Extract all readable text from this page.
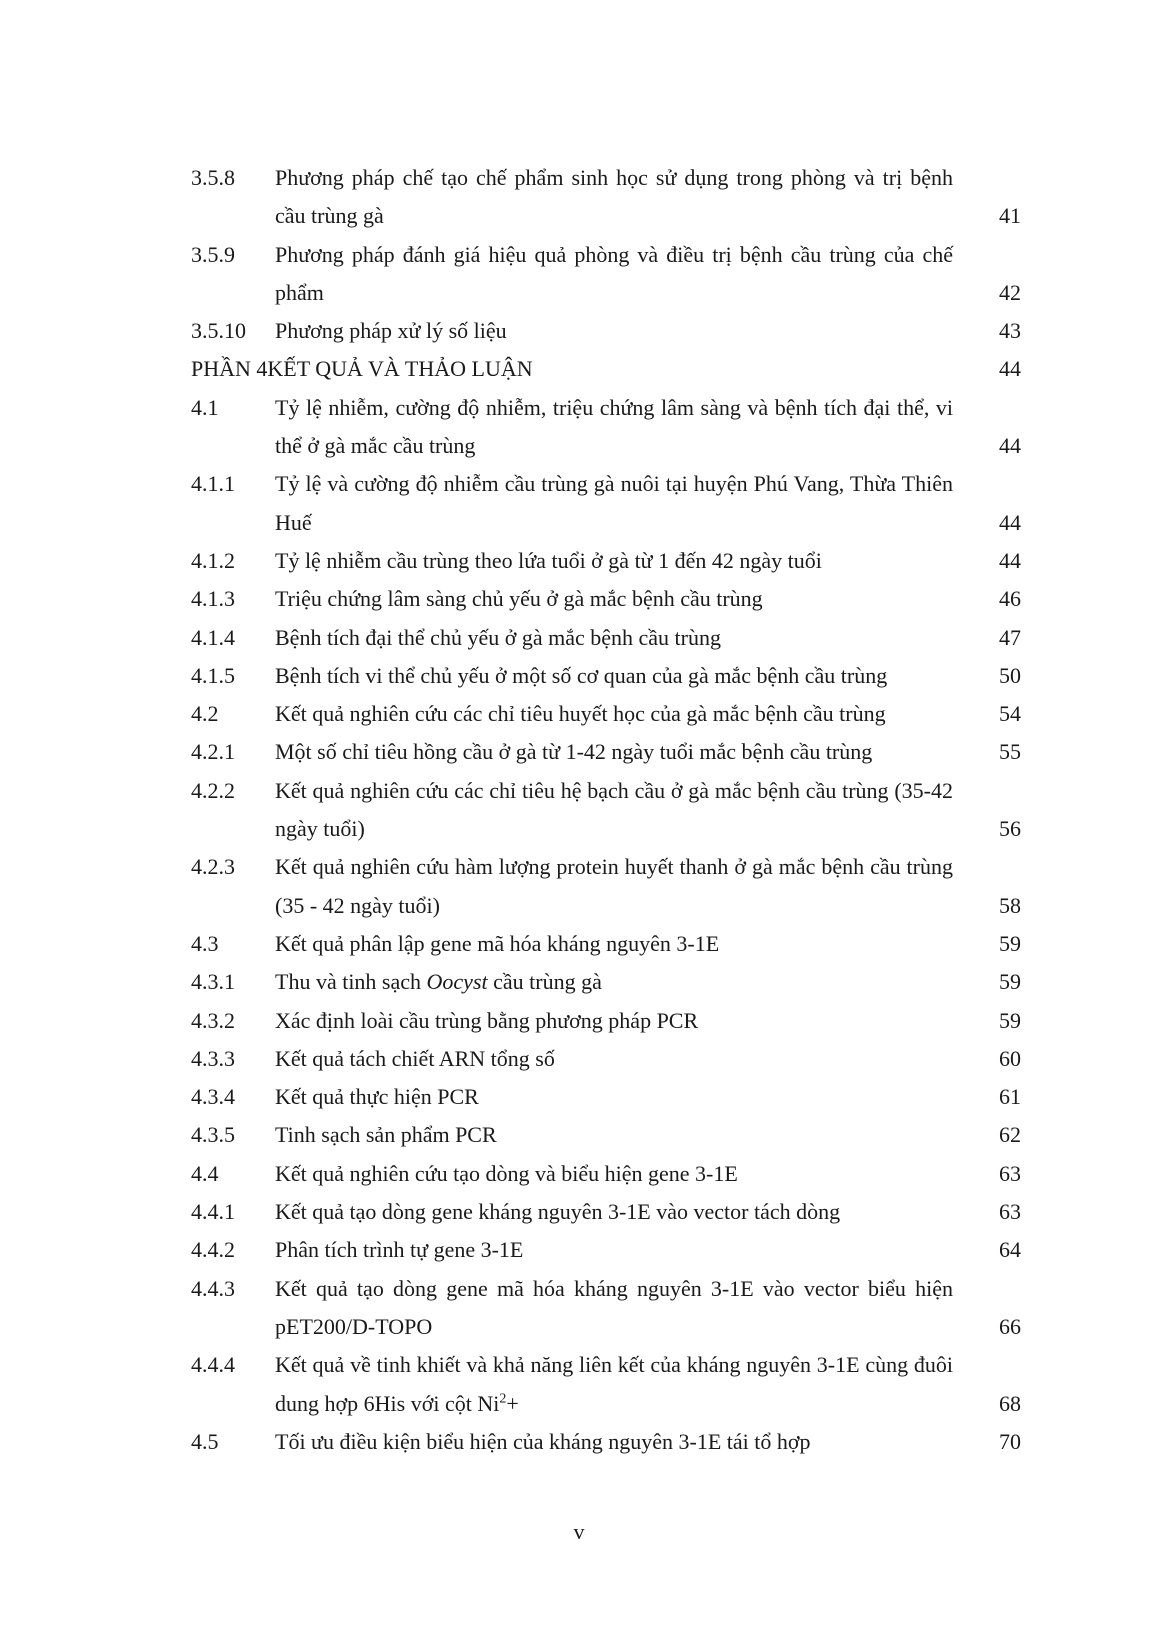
3.5.8	Phương pháp chế tạo chế phẩm sinh học sử dụng trong phòng và trị bệnh cầu trùng gà	41
3.5.9	Phương pháp đánh giá hiệu quả phòng và điều trị bệnh cầu trùng của chế phẩm	42
3.5.10	Phương pháp xử lý số liệu	43
PHẦN 4 KẾT QUẢ VÀ THẢO LUẬN	44
4.1	Tỷ lệ nhiễm, cường độ nhiễm, triệu chứng lâm sàng và bệnh tích đại thể, vi thể ở gà mắc cầu trùng	44
4.1.1	Tỷ lệ và cường độ nhiễm cầu trùng gà nuôi tại huyện Phú Vang, Thừa Thiên Huế	44
4.1.2	Tỷ lệ nhiễm cầu trùng theo lứa tuổi ở gà từ 1 đến 42 ngày tuổi	44
4.1.3	Triệu chứng lâm sàng chủ yếu ở gà mắc bệnh cầu trùng	46
4.1.4	Bệnh tích đại thể chủ yếu ở gà mắc bệnh cầu trùng	47
4.1.5	Bệnh tích vi thể chủ yếu ở một số cơ quan của gà mắc bệnh cầu trùng	50
4.2	Kết quả nghiên cứu các chỉ tiêu huyết học của gà mắc bệnh cầu trùng	54
4.2.1	Một số chỉ tiêu hồng cầu ở gà từ 1-42 ngày tuổi mắc bệnh cầu trùng	55
4.2.2	Kết quả nghiên cứu các chỉ tiêu hệ bạch cầu ở gà mắc bệnh cầu trùng (35-42 ngày tuổi)	56
4.2.3	Kết quả nghiên cứu hàm lượng protein huyết thanh ở gà mắc bệnh cầu trùng (35 - 42 ngày tuổi)	58
4.3	Kết quả phân lập gene mã hóa kháng nguyên 3-1E	59
4.3.1	Thu và tinh sạch Oocyst cầu trùng gà	59
4.3.2	Xác định loài cầu trùng bằng phương pháp PCR	59
4.3.3	Kết quả tách chiết ARN tổng số	60
4.3.4	Kết quả thực hiện PCR	61
4.3.5	Tinh sạch sản phẩm PCR	62
4.4	Kết quả nghiên cứu tạo dòng và biểu hiện gene 3-1E	63
4.4.1	Kết quả tạo dòng gene kháng nguyên 3-1E vào vector tách dòng	63
4.4.2	Phân tích trình tự gene 3-1E	64
4.4.3	Kết quả tạo dòng gene mã hóa kháng nguyên 3-1E vào vector biểu hiện pET200/D-TOPO	66
4.4.4	Kết quả về tinh khiết và khả năng liên kết của kháng nguyên 3-1E cùng đuôi dung hợp 6His với cột $Ni^2+$	68
4.5	Tối ưu điều kiện biểu hiện của kháng nguyên 3-1E tái tổ hợp	70
v
